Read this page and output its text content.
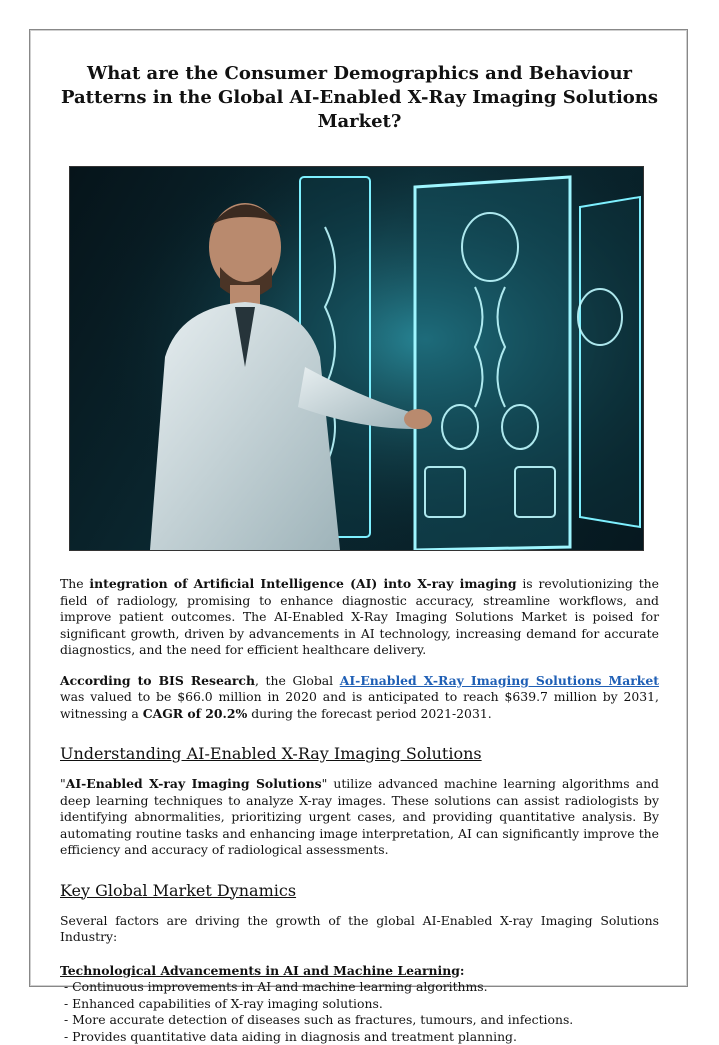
What are the Consumer Demographics and Behaviour Patterns in the Global AI-Enabled X-Ray Imaging Solutions Market?

The integration of Artificial Intelligence (AI) into X-ray imaging is revolutionizing the field of radiology, promising to enhance diagnostic accuracy, streamline workflows, and improve patient outcomes. The AI-Enabled X-Ray Imaging Solutions Market is poised for significant growth, driven by advancements in AI technology, increasing demand for accurate diagnostics, and the need for efficient healthcare delivery.

According to BIS Research, the Global AI-Enabled X-Ray Imaging Solutions Market was valued to be $66.0 million in 2020 and is anticipated to reach $639.7 million by 2031, witnessing a CAGR of 20.2% during the forecast period 2021-2031.

Understanding AI-Enabled X-Ray Imaging Solutions

"AI-Enabled X-ray Imaging Solutions" utilize advanced machine learning algorithms and deep learning techniques to analyze X-ray images. These solutions can assist radiologists by identifying abnormalities, prioritizing urgent cases, and providing quantitative analysis. By automating routine tasks and enhancing image interpretation, AI can significantly improve the efficiency and accuracy of radiological assessments.

Key Global Market Dynamics

Several factors are driving the growth of the global AI-Enabled X-ray Imaging Solutions Industry:

Technological Advancements in AI and Machine Learning:
- Continuous improvements in AI and machine learning algorithms.
- Enhanced capabilities of X-ray imaging solutions.
- More accurate detection of diseases such as fractures, tumours, and infections.
- Provides quantitative data aiding in diagnosis and treatment planning.
